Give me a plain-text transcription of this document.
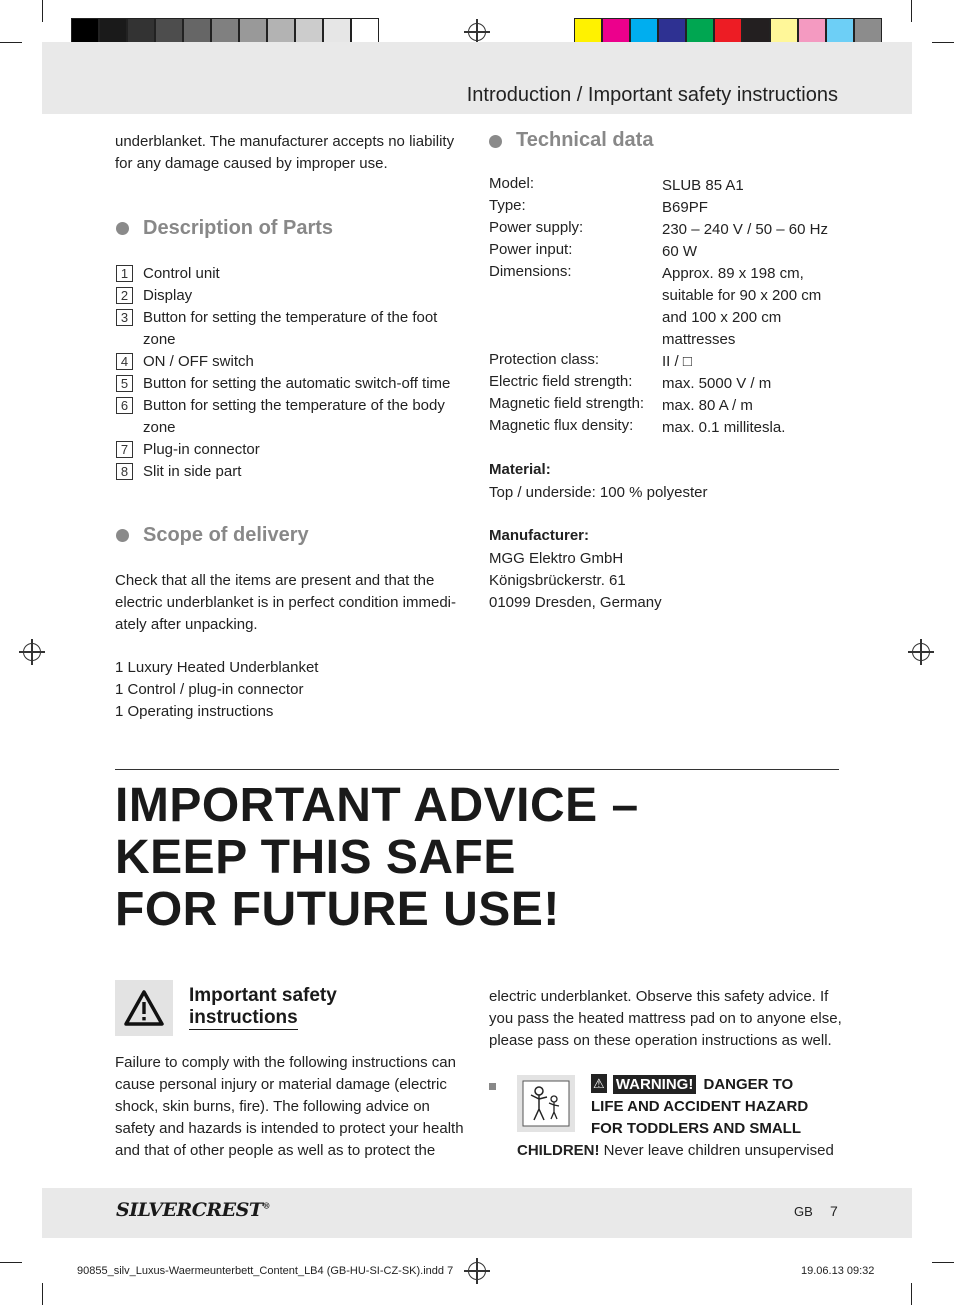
Introduction / Important safety instructions
underblanket. The manufacturer accepts no liability
for any damage caused by improper use.
Description of Parts
1 Control unit
2 Display
3 Button for setting the temperature of the foot
zone
4 ON / OFF switch
5 Button for setting the automatic switch-off time
6 Button for setting the temperature of the body
zone
7 Plug-in connector
8 Slit in side part
Scope of delivery
Check that all the items are present and that the
electric underblanket is in perfect condition immedi-
ately after unpacking.
1 Luxury Heated Underblanket
1 Control / plug-in connector
1 Operating instructions
Technical data
Model:	SLUB 85 A1
Type:	B69PF
Power supply:	230 – 240 V / 50 – 60 Hz
Power input:	60 W
Dimensions:	Approx. 89 x 198 cm,
suitable for 90 x 200 cm
and 100 x 200 cm
mattresses
Protection class:	II / □
Electric field strength: max. 5000 V / m
Magnetic field strength: max. 80 A / m
Magnetic flux density: max. 0.1 millitesla.
Material:
Top / underside: 100 % polyester
Manufacturer:
MGG Elektro GmbH
Königsbrückerstr. 61
01099 Dresden, Germany
IMPORTANT ADVICE –
KEEP THIS SAFE
FOR FUTURE USE!
Important safety
instructions
Failure to comply with the following instructions can
cause personal injury or material damage (electric
shock, skin burns, fire). The following advice on
safety and hazards is intended to protect your health
and that of other people as well as to protect the
electric underblanket. Observe this safety advice. If
you pass the heated mattress pad on to anyone else,
please pass on these operation instructions as well.
⚠ WARNING! DANGER TO
LIFE AND ACCIDENT HAZARD
FOR TODDLERS AND SMALL
CHILDREN! Never leave children unsupervised
SILVERCREST®	GB 7
90855_silv_Luxus-Waermeunterbett_Content_LB4 (GB-HU-SI-CZ-SK).indd 7	19.06.13 09:32
